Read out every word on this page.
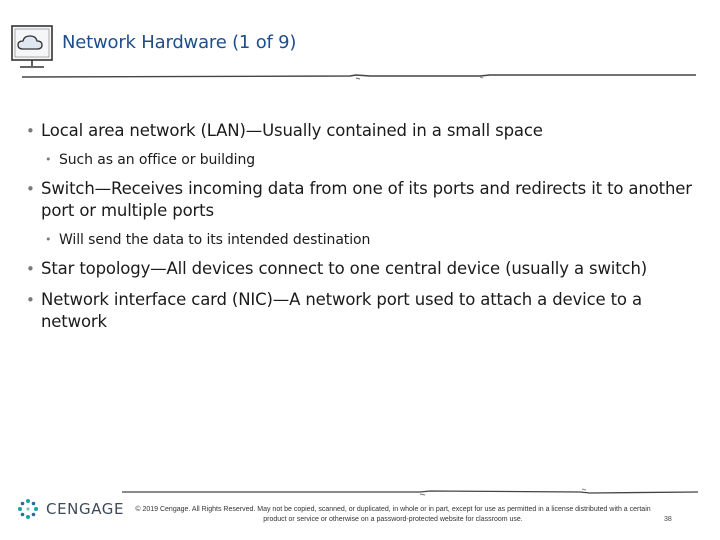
Network Hardware (1 of 9)
• Local area network (LAN)—Usually contained in a small space
• Such as an office or building
• Switch—Receives incoming data from one of its ports and redirects it to another port or multiple ports
• Will send the data to its intended destination
• Star topology—All devices connect to one central device (usually a switch)
• Network interface card (NIC)—A network port used to attach a device to a network
CENGAGE	© 2019 Cengage. All Rights Reserved. May not be copied, scanned, or duplicated, in whole or in part, except for use as permitted in a license distributed with a certain product or service or otherwise on a password-protected website for classroom use.	38
